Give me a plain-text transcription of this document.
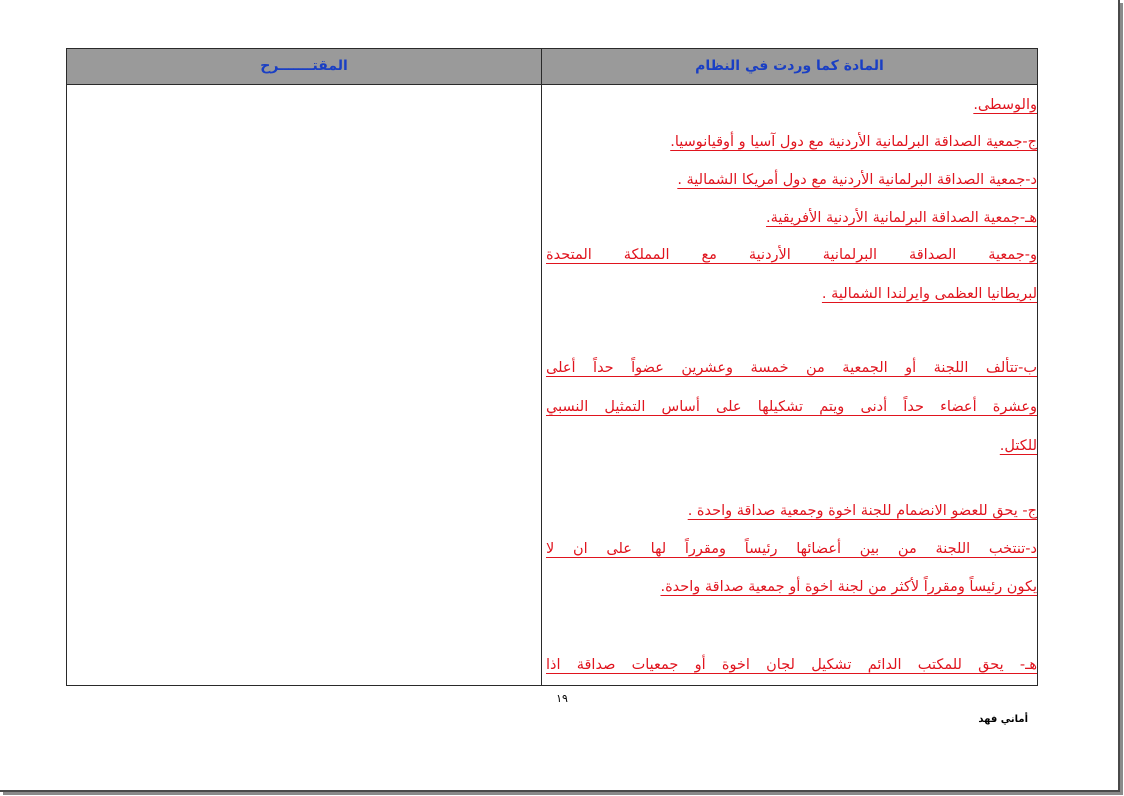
المادة كما وردت في النظام
المقتـــــــرح

والوسطى.

ج-جمعية الصداقة البرلمانية الأردنية مع دول آسيا و أوقيانوسيا.

د-جمعية الصداقة البرلمانية الأردنية مع دول أمريكا الشمالية .

هـ-جمعية الصداقة البرلمانية الأردنية الأفريقية.

و-جمعية الصداقة البرلمانية الأردنية مع المملكة المتحدة

لبريطانيا العظمى وايرلندا الشمالية .

ب-تتألف اللجنة أو الجمعية من خمسة وعشرين عضواً حداً أعلى

وعشرة أعضاء حداً أدنى ويتم تشكيلها على أساس التمثيل النسبي

للكتل.

ج- يحق للعضو الانضمام للجنة اخوة وجمعية صداقة واحدة .

د-تنتخب اللجنة من بين أعضائها رئيساً ومقرراً لها على ان لا

يكون رئيساً ومقرراً لأكثر من لجنة اخوة أو جمعية صداقة واحدة.

هـ- يحق للمكتب الدائم تشكيل لجان اخوة أو جمعيات صداقة اذا

١٩
أماني فهد
